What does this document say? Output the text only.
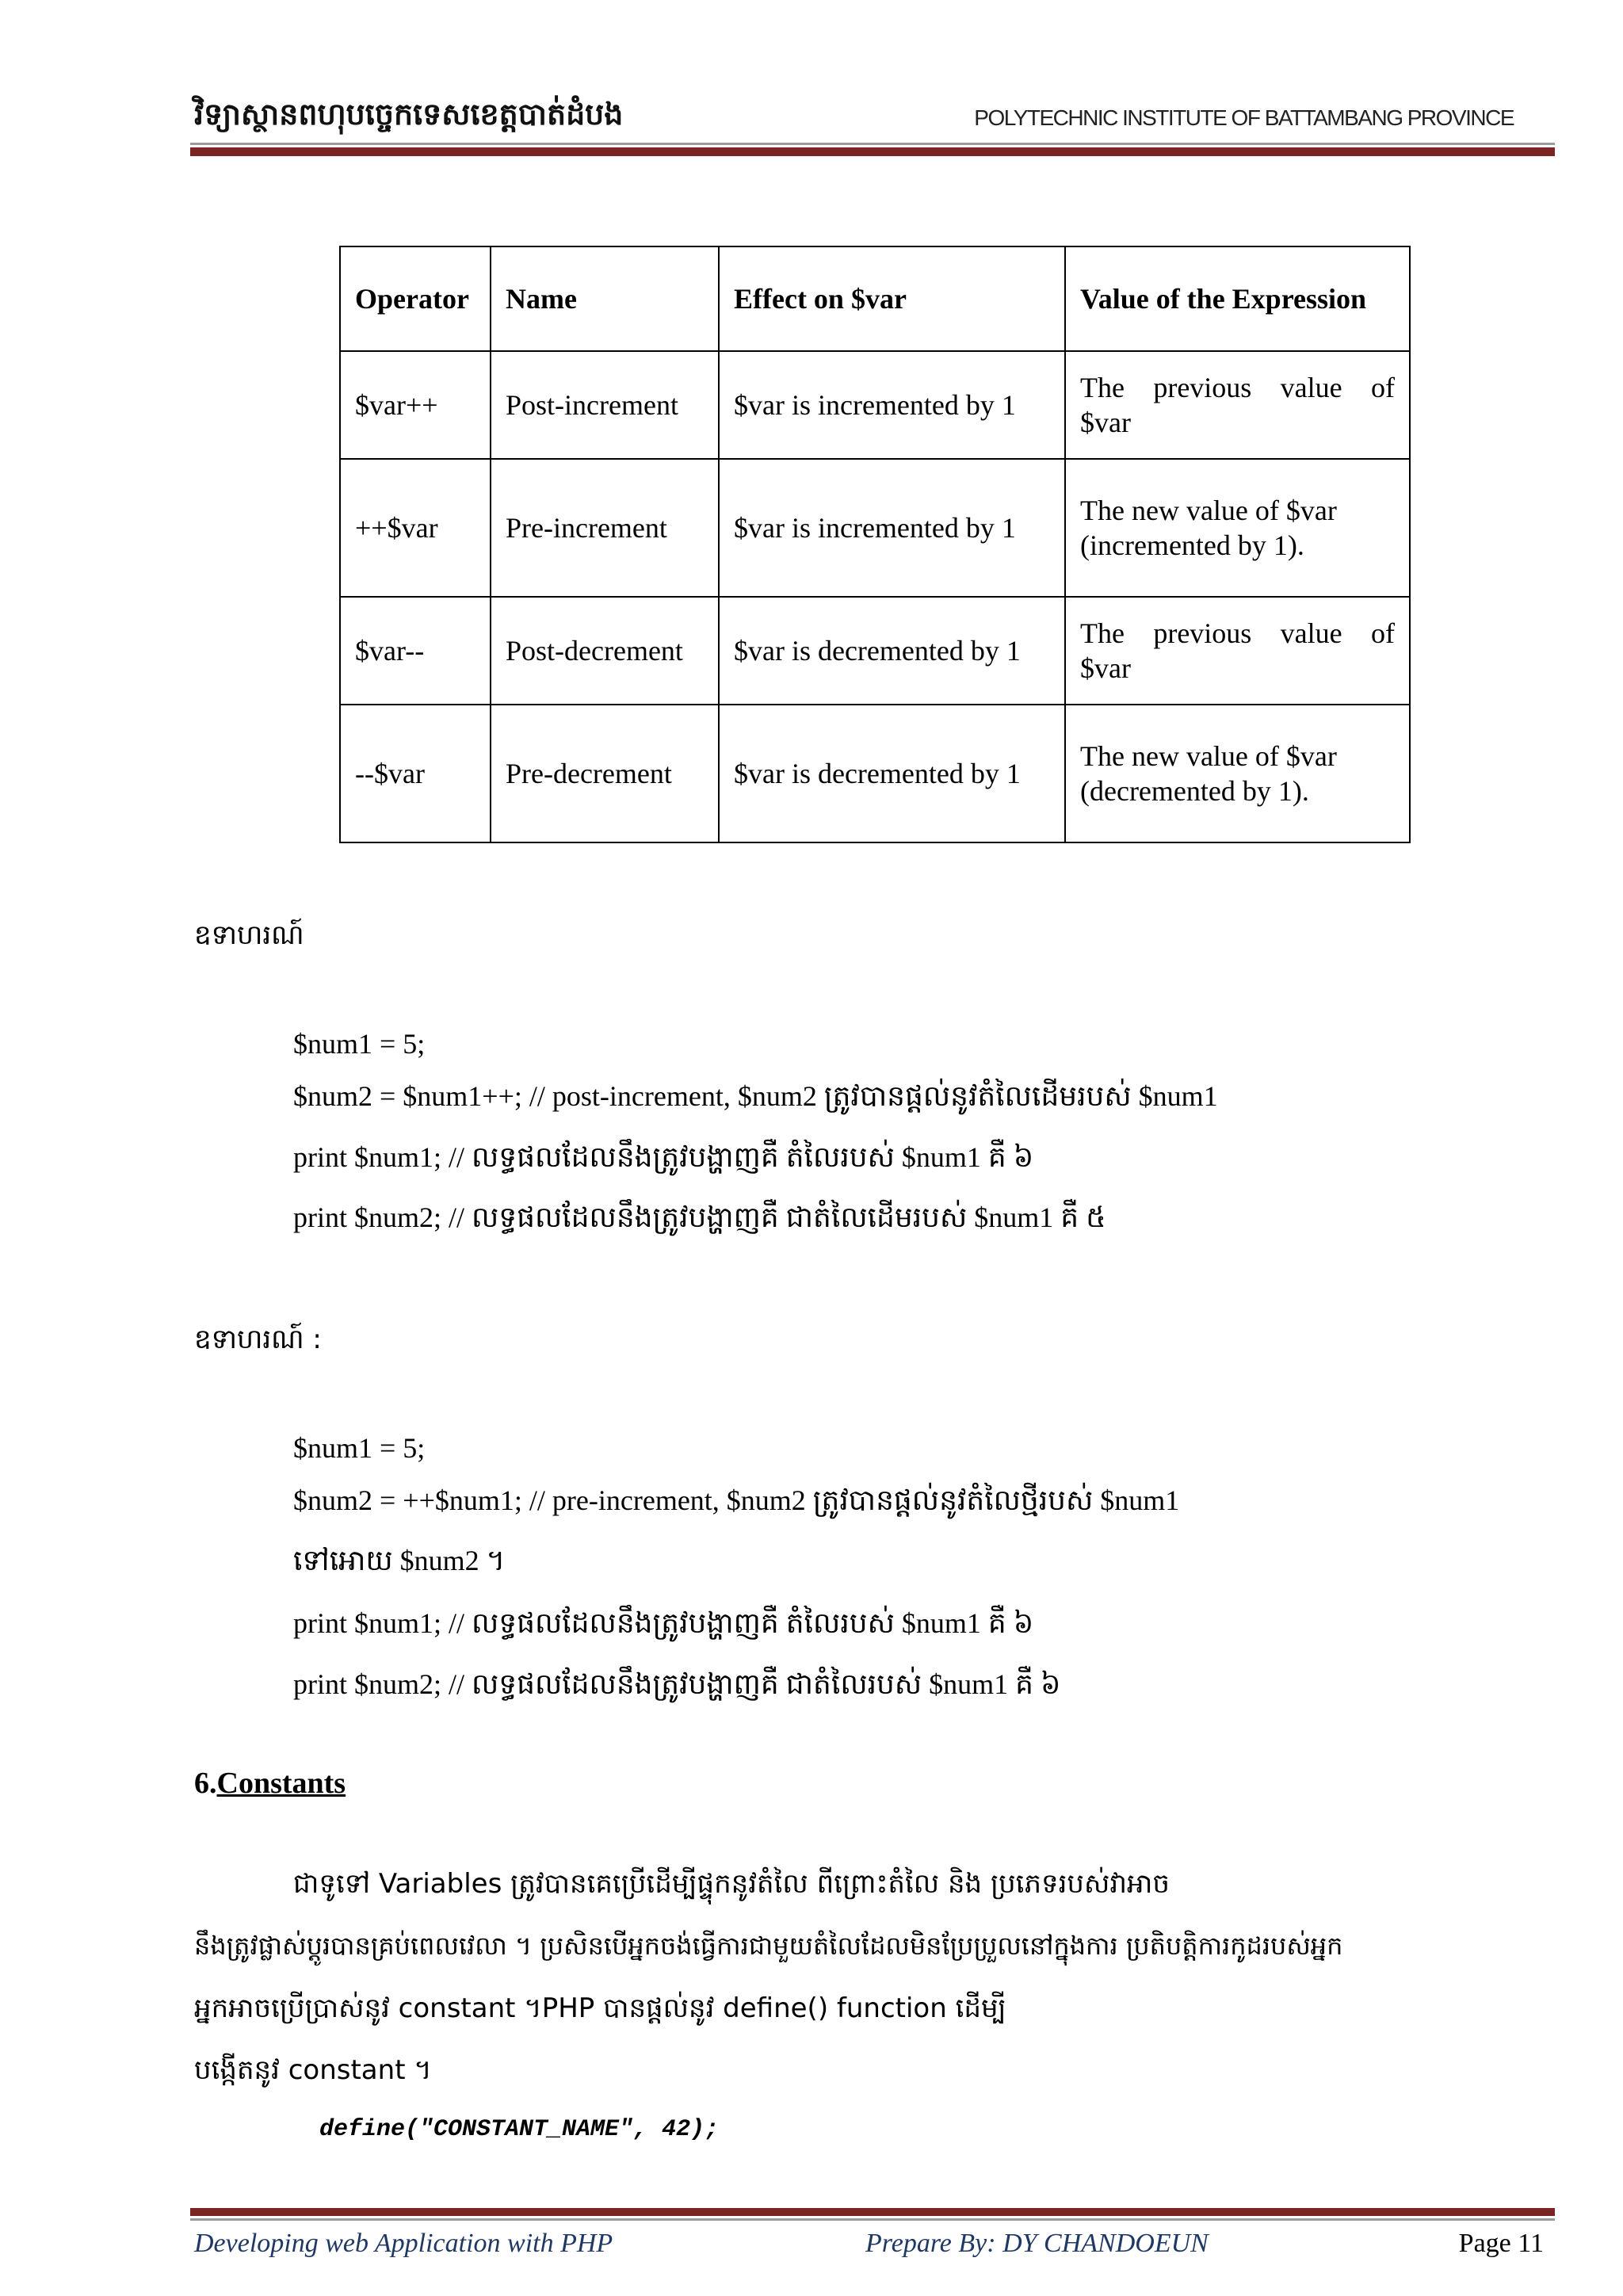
វិទ្យាស្ថានពហុបច្ចេកទេសខេត្តបាត់ដំបង	POLYTECHNIC INSTITUTE OF BATTAMBANG PROVINCE
Operator	Name	Effect on $var	Value of the Expression
$var++	Post-increment	$var is incremented by 1	The previous value of
$var

++$var	Pre-increment	$var is incremented by 1	The new value of $var
(incremented by 1).

$var--	Post-decrement	$var is decremented by 1	The previous value of
$var

--$var	Pre-decrement	$var is decremented by 1	The new value of $var
(decremented by 1).
ឧទាហរណ៍
$num1 = 5;
$num2 = $num1++; // post-increment, $num2 ត្រូវបានផ្តល់នូវតំលៃដើមរបស់ $num1
print $num1; // លទ្ធផលដែលនឹងត្រូវបង្ហាញគឺ តំលៃរបស់ $num1 គឺ ៦
print $num2; // លទ្ធផលដែលនឹងត្រូវបង្ហាញគឺ ជាតំលៃដើមរបស់ $num1 គឺ ៥
ឧទាហរណ៍ :
$num1 = 5;
$num2 = ++$num1; // pre-increment, $num2 ត្រូវបានផ្តល់នូវតំលៃថ្មីរបស់ $num1
ទៅអោយ $num2 ។
print $num1; // លទ្ធផលដែលនឹងត្រូវបង្ហាញគឺ តំលៃរបស់ $num1 គឺ ៦
print $num2; // លទ្ធផលដែលនឹងត្រូវបង្ហាញគឺ ជាតំលៃរបស់ $num1 គឺ ៦
6.Constants
ជាទូទៅ Variables ត្រូវបានគេប្រើដើម្បីផ្ទុកនូវតំលៃ ពីព្រោះតំលៃ និង ប្រភេទរបស់វាអាច
នឹងត្រូវផ្លាស់ប្តូរបានគ្រប់ពេលវេលា ។ ប្រសិនបើអ្នកចង់ធ្វើការជាមួយតំលៃដែលមិនប្រែប្រួលនៅក្នុងការ ប្រតិបត្តិការកូដរបស់អ្នក
អ្នកអាចប្រើប្រាស់នូវ constant ។PHP បានផ្តល់នូវ define() function ដើម្បី
បង្កើតនូវ constant ។
define("CONSTANT_NAME", 42);
Developing web Application with PHP	Prepare By: DY CHANDOEUN	Page 11
